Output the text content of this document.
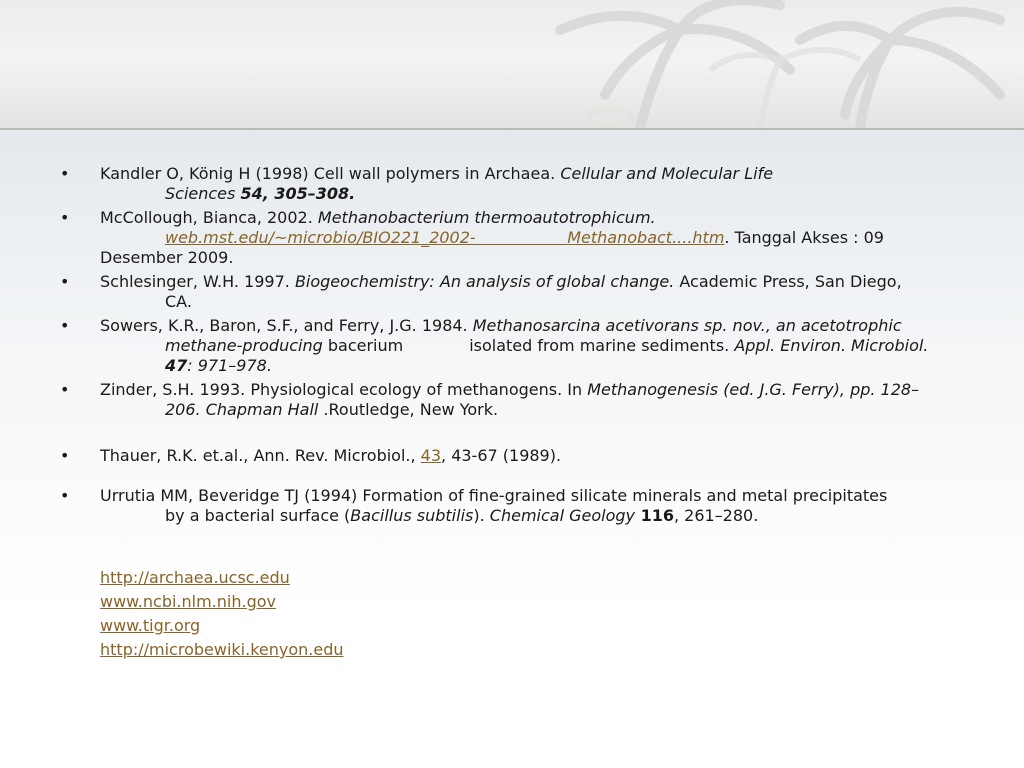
• Kandler O, König H (1998) Cell wall polymers in Archaea. Cellular and Molecular Life
Sciences 54, 305–308.
• McCollough, Bianca, 2002. Methanobacterium thermoautotrophicum.
web.mst.edu/~microbio/BIO221_2002-	Methanobact....htm. Tanggal Akses : 09
Desember 2009.
• Schlesinger, W.H. 1997. Biogeochemistry: An analysis of global change. Academic Press, San Diego,
CA.
• Sowers, K.R., Baron, S.F., and Ferry, J.G. 1984. Methanosarcina acetivorans sp. nov., an acetotrophic
methane-producing bacerium	isolated from marine sediments. Appl. Environ. Microbiol.
47: 971–978.
• Zinder, S.H. 1993. Physiological ecology of methanogens. In Methanogenesis (ed. J.G. Ferry), pp. 128–
206. Chapman Hall .Routledge, New York.
• Thauer, R.K. et.al., Ann. Rev. Microbiol., 43, 43-67 (1989).
• Urrutia MM, Beveridge TJ (1994) Formation of fine-grained silicate minerals and metal precipitates
by a bacterial surface (Bacillus subtilis). Chemical Geology 116, 261–280.
http://archaea.ucsc.edu
www.ncbi.nlm.nih.gov
www.tigr.org
http://microbewiki.kenyon.edu
